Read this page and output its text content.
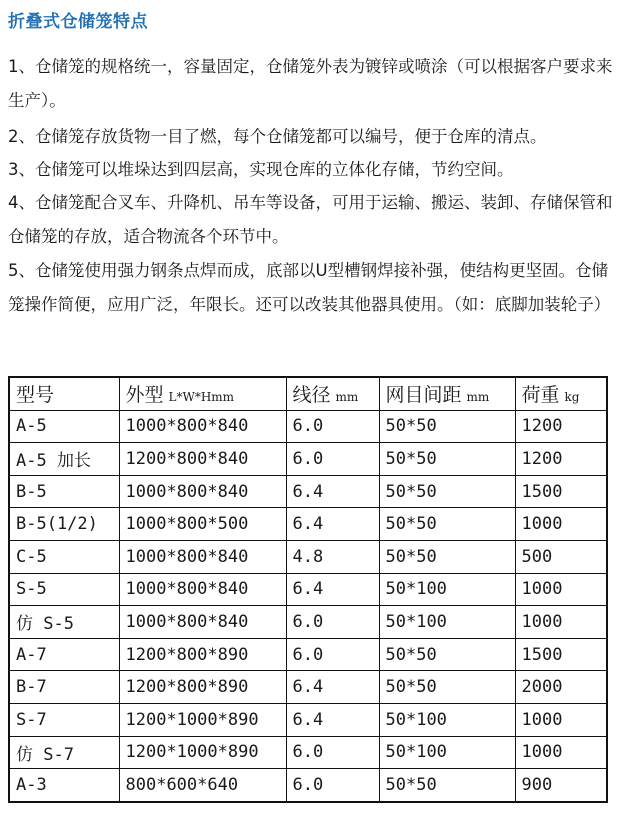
折叠式仓储笼特点

1、仓储笼的规格统一，容量固定，仓储笼外表为镀锌或喷涂（可以根据客户要求来生产）。

2、仓储笼存放货物一目了燃，每个仓储笼都可以编号，便于仓库的清点。

3、仓储笼可以堆垛达到四层高，实现仓库的立体化存储，节约空间。

4、仓储笼配合叉车、升降机、吊车等设备，可用于运输、搬运、装卸、存储保管和仓储笼的存放，适合物流各个环节中。

5、仓储笼使用强力钢条点焊而成，底部以U型槽钢焊接补强，使结构更坚固。仓储笼操作简便，应用广泛，年限长。还可以改装其他器具使用。（如：底脚加装轮子）

型号	外型 L*W*Hmm	线径 mm	网目间距 mm	荷重 kg
A-5	1000*800*840	6.0	50*50	1200
A-5 加长	1200*800*840	6.0	50*50	1200
B-5	1000*800*840	6.4	50*50	1500
B-5(1/2)	1000*800*500	6.4	50*50	1000
C-5	1000*800*840	4.8	50*50	500
S-5	1000*800*840	6.4	50*100	1000
仿 S-5	1000*800*840	6.0	50*100	1000
A-7	1200*800*890	6.0	50*50	1500
B-7	1200*800*890	6.4	50*50	2000
S-7	1200*1000*890	6.4	50*100	1000
仿 S-7	1200*1000*890	6.0	50*100	1000
A-3	800*600*640	6.0	50*50	900
